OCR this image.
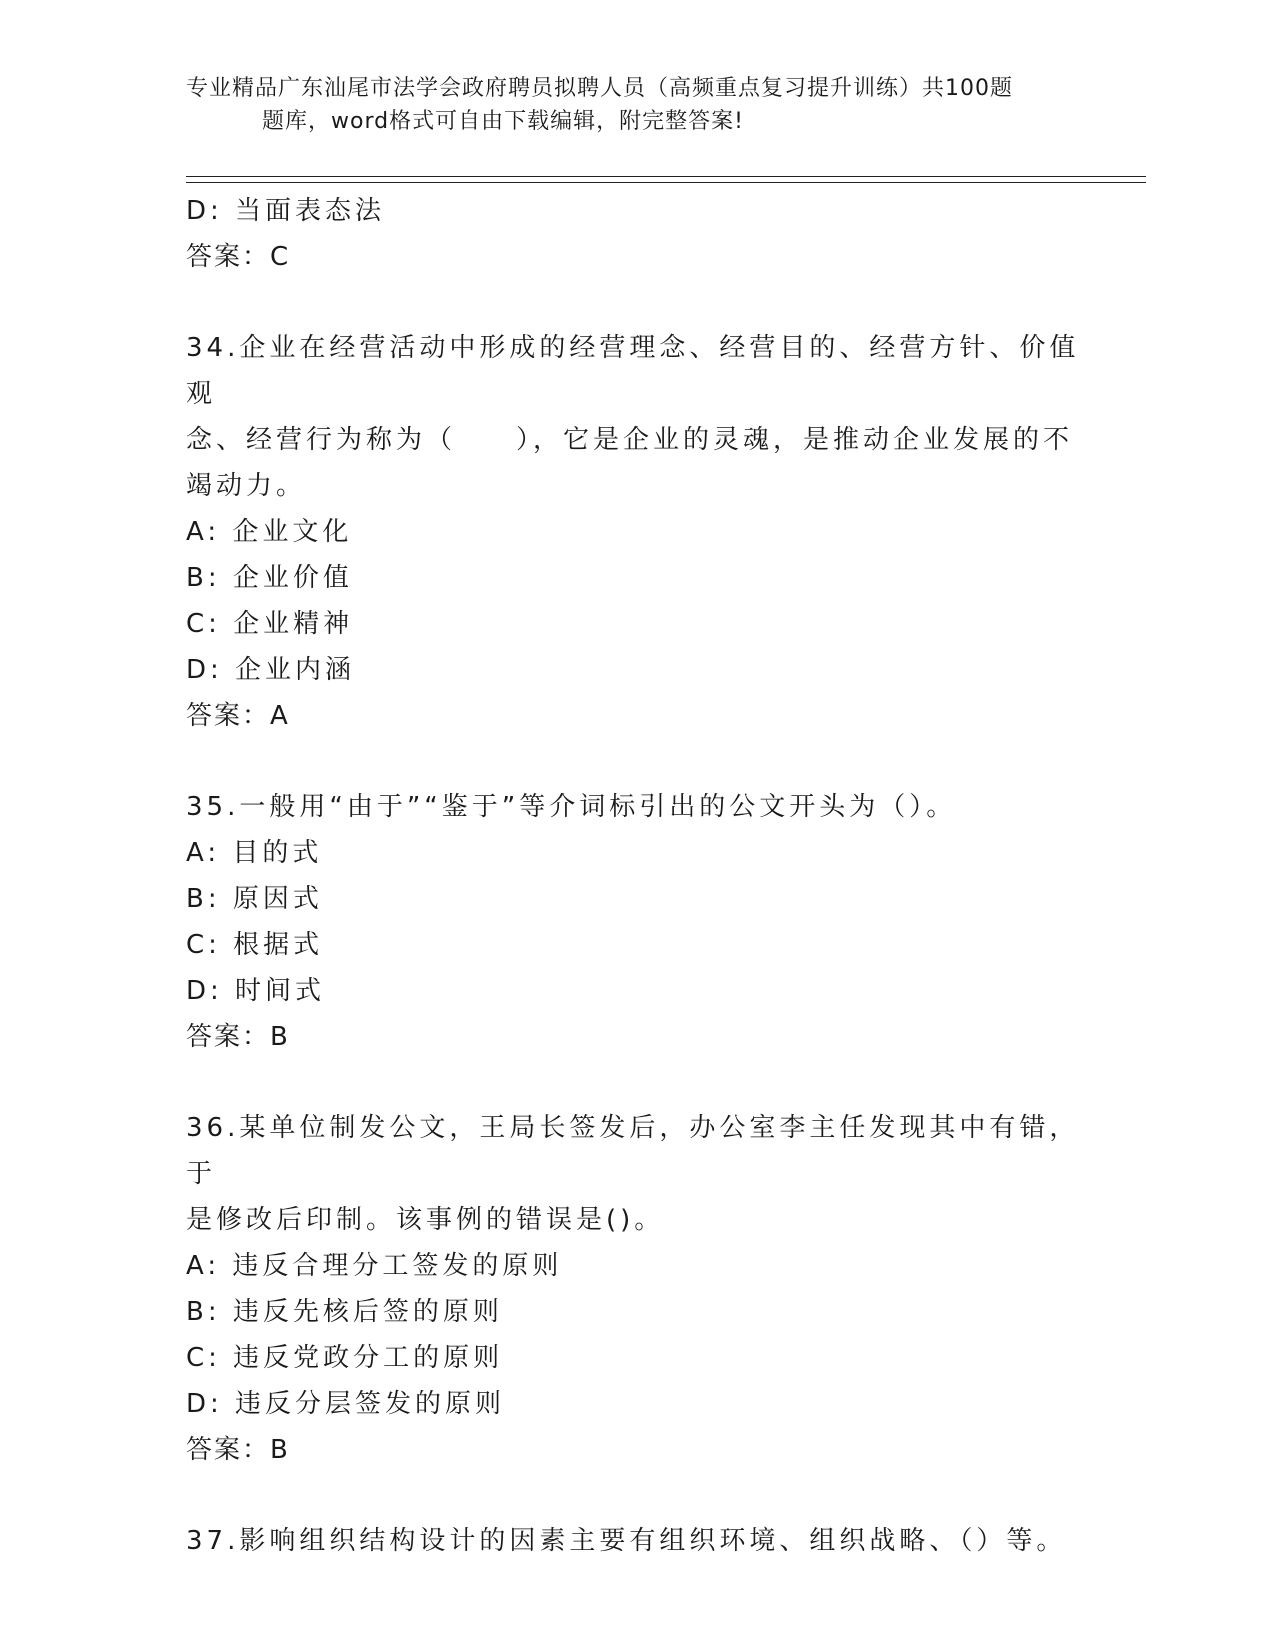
专业精品广东汕尾市法学会政府聘员拟聘人员（高频重点复习提升训练）共100题
题库，word格式可自由下载编辑，附完整答案!
D: 当面表态法
答案：C
34.企业在经营活动中形成的经营理念、经营目的、经营方针、价值观
念、经营行为称为（　　），它是企业的灵魂，是推动企业发展的不
竭动力。
A: 企业文化
B: 企业价值
C: 企业精神
D: 企业内涵
答案：A
35.一般用“由于”“鉴于”等介词标引出的公文开头为（）。
A: 目的式
B: 原因式
C: 根据式
D: 时间式
答案：B
36.某单位制发公文，王局长签发后，办公室李主任发现其中有错，于
是修改后印制。该事例的错误是()。
A: 违反合理分工签发的原则
B: 违反先核后签的原则
C: 违反党政分工的原则
D: 违反分层签发的原则
答案：B
37.影响组织结构设计的因素主要有组织环境、组织战略、（）等。
